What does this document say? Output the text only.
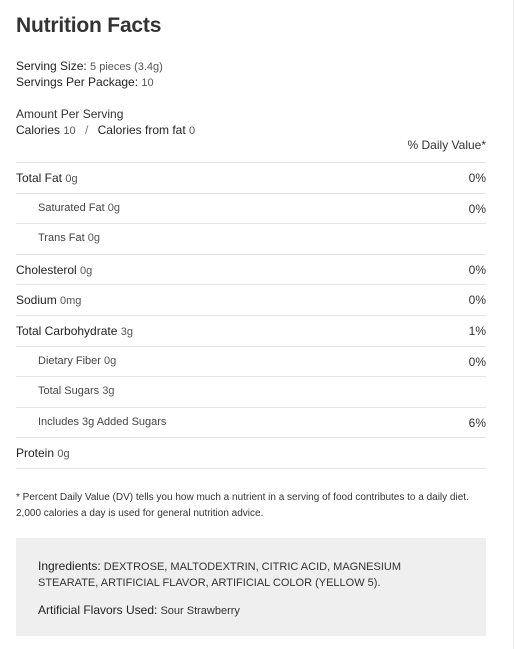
Nutrition Facts
Serving Size: 5 pieces (3.4g)
Servings Per Package: 10
Amount Per Serving
Calories 10 / Calories from fat 0
% Daily Value*
Total Fat 0g	0%
Saturated Fat 0g	0%
Trans Fat 0g
Cholesterol 0g	0%
Sodium 0mg	0%
Total Carbohydrate 3g	1%
Dietary Fiber 0g	0%
Total Sugars 3g
Includes 3g Added Sugars	6%
Protein 0g
* Percent Daily Value (DV) tells you how much a nutrient in a serving of food contributes to a daily diet.
2,000 calories a day is used for general nutrition advice.
Ingredients: DEXTROSE, MALTODEXTRIN, CITRIC ACID, MAGNESIUM
STEARATE, ARTIFICIAL FLAVOR, ARTIFICIAL COLOR (YELLOW 5).
Artificial Flavors Used: Sour Strawberry
